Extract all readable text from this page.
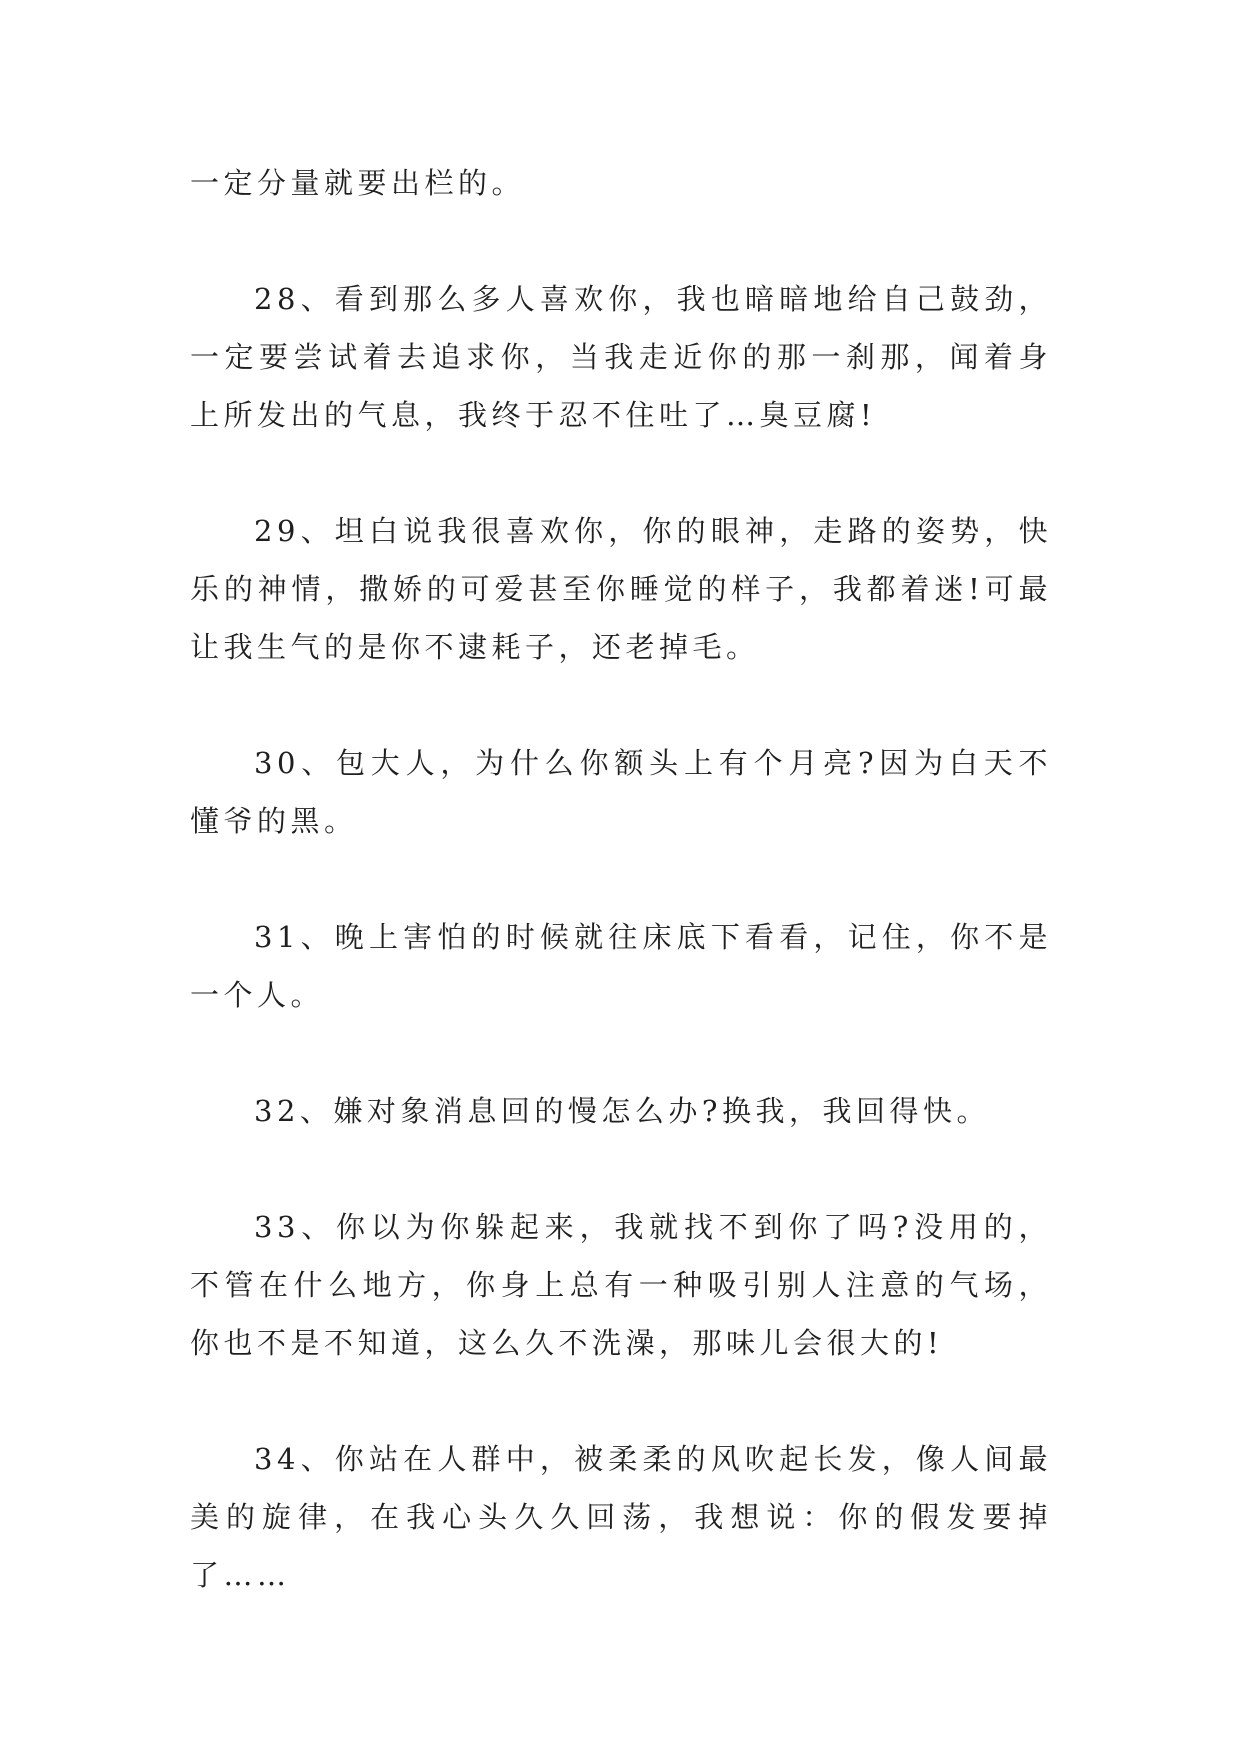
一定分量就要出栏的。

28、看到那么多人喜欢你，我也暗暗地给自己鼓劲，一定要尝试着去追求你，当我走近你的那一刹那，闻着身上所发出的气息，我终于忍不住吐了…臭豆腐!

29、坦白说我很喜欢你，你的眼神，走路的姿势，快乐的神情，撒娇的可爱甚至你睡觉的样子，我都着迷!可最让我生气的是你不逮耗子，还老掉毛。

30、包大人，为什么你额头上有个月亮?因为白天不懂爷的黑。

31、晚上害怕的时候就往床底下看看，记住，你不是一个人。

32、嫌对象消息回的慢怎么办?换我，我回得快。

33、你以为你躲起来，我就找不到你了吗?没用的，不管在什么地方，你身上总有一种吸引别人注意的气场，你也不是不知道，这么久不洗澡，那味儿会很大的!

34、你站在人群中，被柔柔的风吹起长发，像人间最美的旋律，在我心头久久回荡，我想说：你的假发要掉了……
